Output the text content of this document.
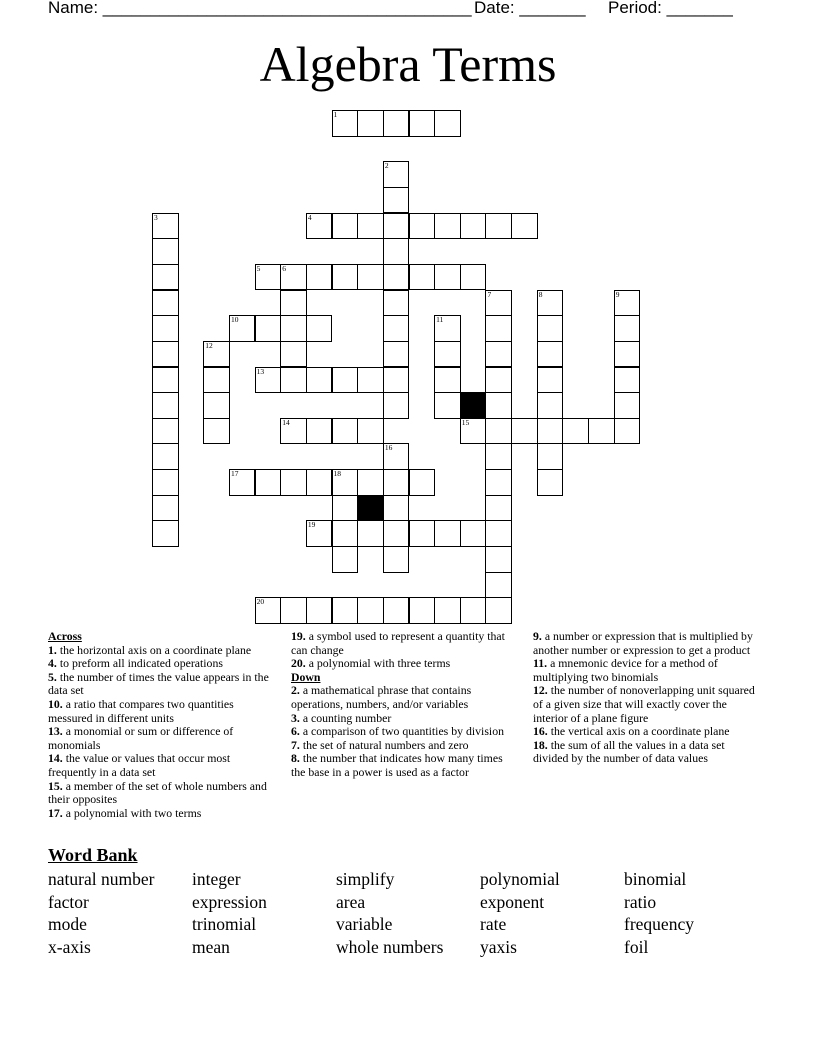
Name: _______________________________________ Date: _______ Period: _______
Algebra Terms
1
2
3	4
5	6
7	8	9
10	11
12
13
14	15
16
17	18
19
20
Across
1. the horizontal axis on a coordinate plane
4. to preform all indicated operations
5. the number of times the value appears in the data set
10. a ratio that compares two quantities messured in different units
13. a monomial or sum or difference of monomials
14. the value or values that occur most frequently in a data set
15. a member of the set of whole numbers and their opposites
17. a polynomial with two terms
19. a symbol used to represent a quantity that can change
20. a polynomial with three terms
Down
2. a mathematical phrase that contains operations, numbers, and/or variables
3. a counting number
6. a comparison of two quantities by division
7. the set of natural numbers and zero
8. the number that indicates how many times the base in a power is used as a factor
9. a number or expression that is multiplied by another number or expression to get a product
11. a mnemonic device for a method of multiplying two binomials
12. the number of nonoverlapping unit squared of a given size that will exactly cover the interior of a plane figure
16. the vertical axis on a coordinate plane
18. the sum of all the values in a data set divided by the number of data values
Word Bank
natural number	integer	simplify	polynomial	binomial
factor	expression	area	exponent	ratio
mode	trinomial	variable	rate	frequency
x-axis	mean	whole numbers	yaxis	foil
